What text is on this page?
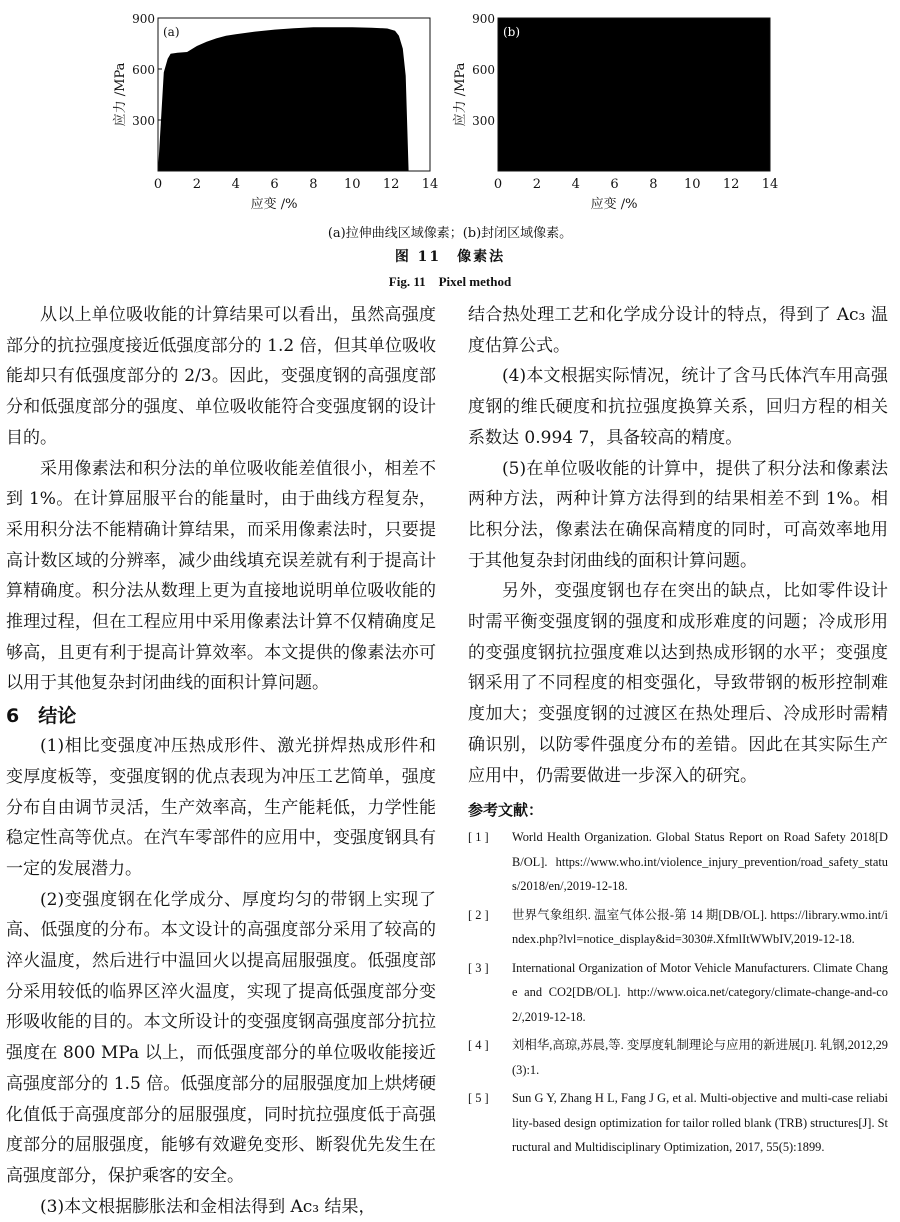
0 2 4 6 8 10 12 14
300
600
900
(a)
应力 /MPa
应变 /%
0 2 4 6 8 10 12 14
300
600
900
(b)
应力 /MPa
应变 /%
(a)拉伸曲线区域像素；(b)封闭区域像素。
图 11　像素法
Fig. 11　Pixel method

从以上单位吸收能的计算结果可以看出，虽然高强度部分的抗拉强度接近低强度部分的 1.2 倍，但其单位吸收能却只有低强度部分的 2/3。因此，变强度钢的高强度部分和低强度部分的强度、单位吸收能符合变强度钢的设计目的。

采用像素法和积分法的单位吸收能差值很小，相差不到 1%。在计算屈服平台的能量时，由于曲线方程复杂，采用积分法不能精确计算结果，而采用像素法时，只要提高计数区域的分辨率，减少曲线填充误差就有利于提高计算精确度。积分法从数理上更为直接地说明单位吸收能的推理过程，但在工程应用中采用像素法计算不仅精确度足够高，且更有利于提高计算效率。本文提供的像素法亦可以用于其他复杂封闭曲线的面积计算问题。

6　结论

(1)相比变强度冲压热成形件、激光拼焊热成形件和变厚度板等，变强度钢的优点表现为冲压工艺简单，强度分布自由调节灵活，生产效率高，生产能耗低，力学性能稳定性高等优点。在汽车零部件的应用中，变强度钢具有一定的发展潜力。

(2)变强度钢在化学成分、厚度均匀的带钢上实现了高、低强度的分布。本文设计的高强度部分采用了较高的淬火温度，然后进行中温回火以提高屈服强度。低强度部分采用较低的临界区淬火温度，实现了提高低强度部分变形吸收能的目的。本文所设计的变强度钢高强度部分抗拉强度在 800 MPa 以上，而低强度部分的单位吸收能接近高强度部分的 1.5 倍。低强度部分的屈服强度加上烘烤硬化值低于高强度部分的屈服强度，同时抗拉强度低于高强度部分的屈服强度，能够有效避免变形、断裂优先发生在高强度部分，保护乘客的安全。

(3)本文根据膨胀法和金相法得到 Ac₃ 结果，

结合热处理工艺和化学成分设计的特点，得到了 Ac₃ 温度估算公式。

(4)本文根据实际情况，统计了含马氏体汽车用高强度钢的维氏硬度和抗拉强度换算关系，回归方程的相关系数达 0.994 7，具备较高的精度。

(5)在单位吸收能的计算中，提供了积分法和像素法两种方法，两种计算方法得到的结果相差不到 1%。相比积分法，像素法在确保高精度的同时，可高效率地用于其他复杂封闭曲线的面积计算问题。

另外，变强度钢也存在突出的缺点，比如零件设计时需平衡变强度钢的强度和成形难度的问题；冷成形用的变强度钢抗拉强度难以达到热成形钢的水平；变强度钢采用了不同程度的相变强化，导致带钢的板形控制难度加大；变强度钢的过渡区在热处理后、冷成形时需精确识别，以防零件强度分布的差错。因此在其实际生产应用中，仍需要做进一步深入的研究。

参考文献：
[ 1 ]	World Health Organization. Global Status Report on Road Safety 2018[DB/OL]. https://www.who.int/violence_injury_prevention/road_safety_status/2018/en/,2019-12-18.
[ 2 ]	世界气象组织. 温室气体公报-第 14 期[DB/OL]. https://library.wmo.int/index.php?lvl=notice_display&id=3030#.XfmlItWWbIV,2019-12-18.
[ 3 ]	International Organization of Motor Vehicle Manufacturers. Climate Change and CO2[DB/OL]. http://www.oica.net/category/climate-change-and-co2/,2019-12-18.
[ 4 ]	刘相华,高琼,苏晨,等. 变厚度轧制理论与应用的新进展[J]. 轧钢,2012,29(3):1.
[ 5 ]	Sun G Y, Zhang H L, Fang J G, et al. Multi-objective and multi-case reliability-based design optimization for tailor rolled blank (TRB) structures[J]. Structural and Multidisciplinary Optimization, 2017, 55(5):1899.
